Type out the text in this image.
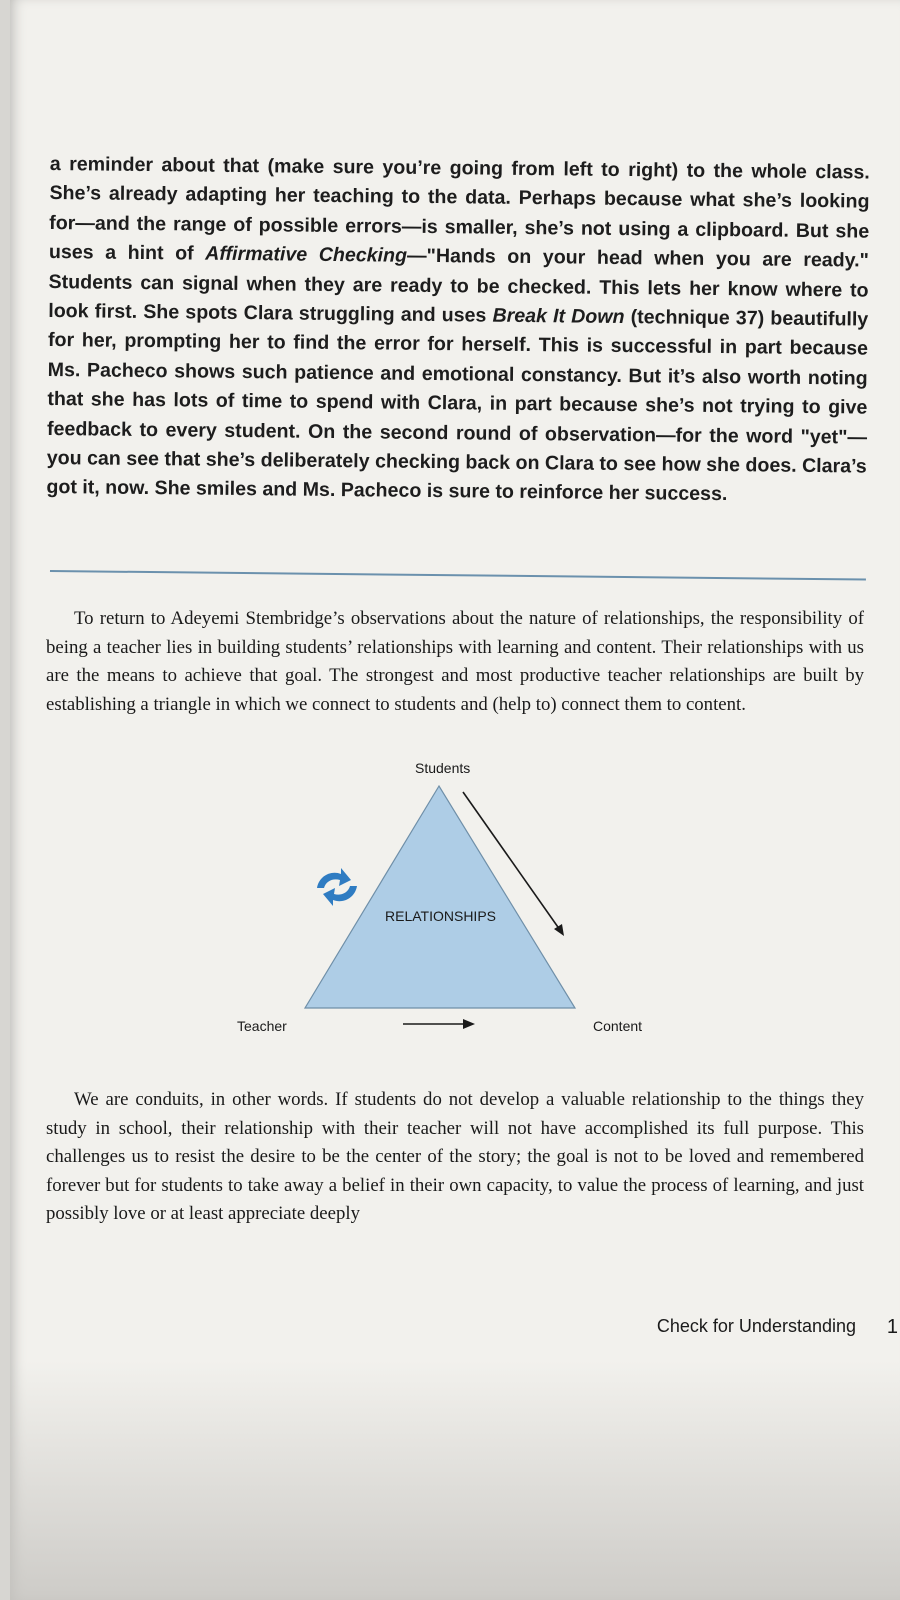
a reminder about that (make sure you’re going from left to right) to the whole class. She’s already adapting her teaching to the data. Perhaps because what she’s looking for—and the range of possible errors—is smaller, she’s not using a clipboard. But she uses a hint of Affirmative Checking—"Hands on your head when you are ready." Students can signal when they are ready to be checked. This lets her know where to look first. She spots Clara struggling and uses Break It Down (technique 37) beautifully for her, prompting her to find the error for herself. This is successful in part because Ms. Pacheco shows such patience and emotional constancy. But it’s also worth noting that she has lots of time to spend with Clara, in part because she’s not trying to give feedback to every student. On the second round of observation—for the word "yet"—you can see that she’s deliberately checking back on Clara to see how she does. Clara’s got it, now. She smiles and Ms. Pacheco is sure to reinforce her success.

To return to Adeyemi Stembridge’s observations about the nature of relationships, the responsibility of being a teacher lies in building students’ relationships with learning and content. Their relationships with us are the means to achieve that goal. The strongest and most productive teacher relationships are built by establishing a triangle in which we connect to students and (help to) connect them to content.

Students
RELATIONSHIPS
Teacher	Content

We are conduits, in other words. If students do not develop a valuable relationship to the things they study in school, their relationship with their teacher will not have accomplished its full purpose. This challenges us to resist the desire to be the center of the story; the goal is not to be loved and remembered forever but for students to take away a belief in their own capacity, to value the process of learning, and just possibly love or at least appreciate deeply

Check for Understanding 1
